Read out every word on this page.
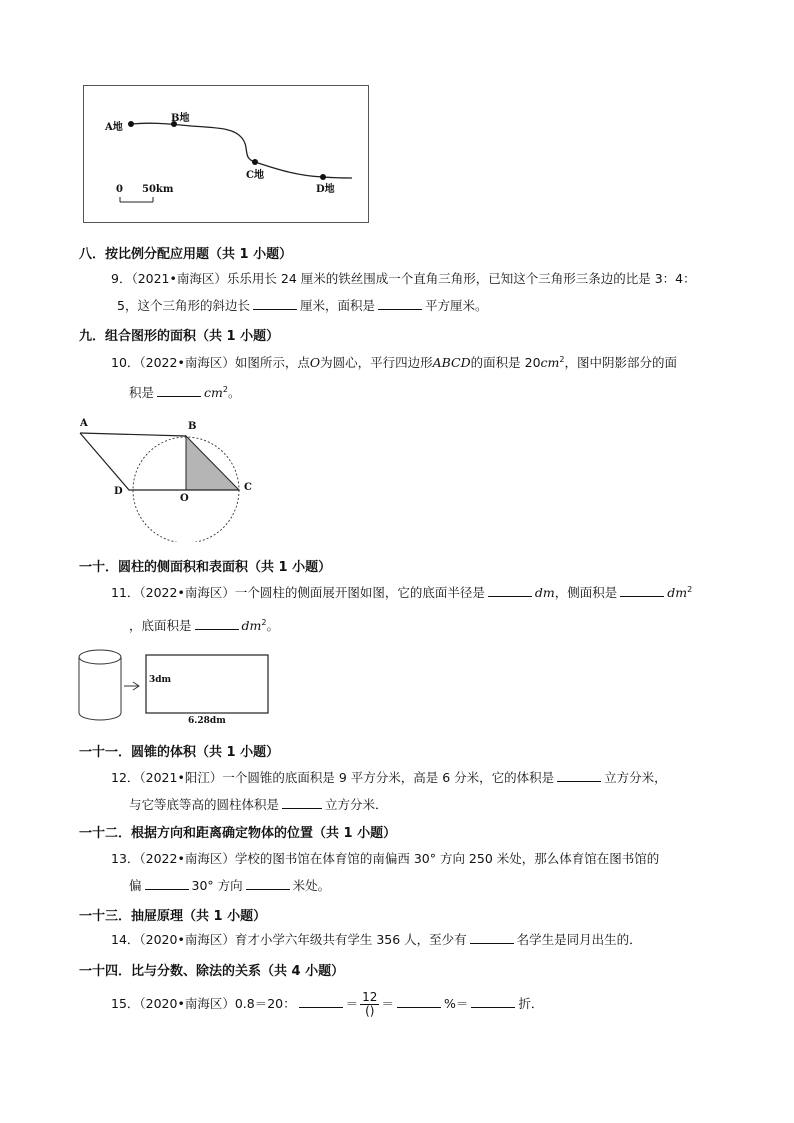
A地
B地
C地
D地
0 50km
八．按比例分配应用题（共 1 小题）
9．（2021•南海区）乐乐用长 24 厘米的铁丝围成一个直角三角形，已知这个三角形三条边的比是 3：4：
5，这个三角形的斜边长	厘米，面积是	平方厘米。
九．组合图形的面积（共 1 小题）
10．（2022•南海区）如图所示，点O为圆心，平行四边形ABCD的面积是 $20cm^2$，图中阴影部分的面
积是	$cm^2$。
A	B
C
D
O
一十．圆柱的侧面积和表面积（共 1 小题）
11．（2022•南海区）一个圆柱的侧面展开图如图，它的底面半径是	dm，侧面积是	$dm^2$
，底面积是	$dm^2$。
3dm
6.28dm
一十一．圆锥的体积（共 1 小题）
12．（2021•阳江）一个圆锥的底面积是 9 平方分米，高是 6 分米，它的体积是	立方分米，
与它等底等高的圆柱体积是	立方分米．
一十二．根据方向和距离确定物体的位置（共 1 小题）
13．（2022•南海区）学校的图书馆在体育馆的南偏西 30° 方向 250 米处，那么体育馆在图书馆的
偏	30° 方向	米处。
一十三．抽屉原理（共 1 小题）
14．（2020•南海区）育才小学六年级共有学生 356 人，至少有	名学生是同月出生的．
一十四．比与分数、除法的关系（共 4 小题）
15．（2020•南海区）0.8＝20：	＝ $\frac{12}{()}$ ＝	%＝	折．
